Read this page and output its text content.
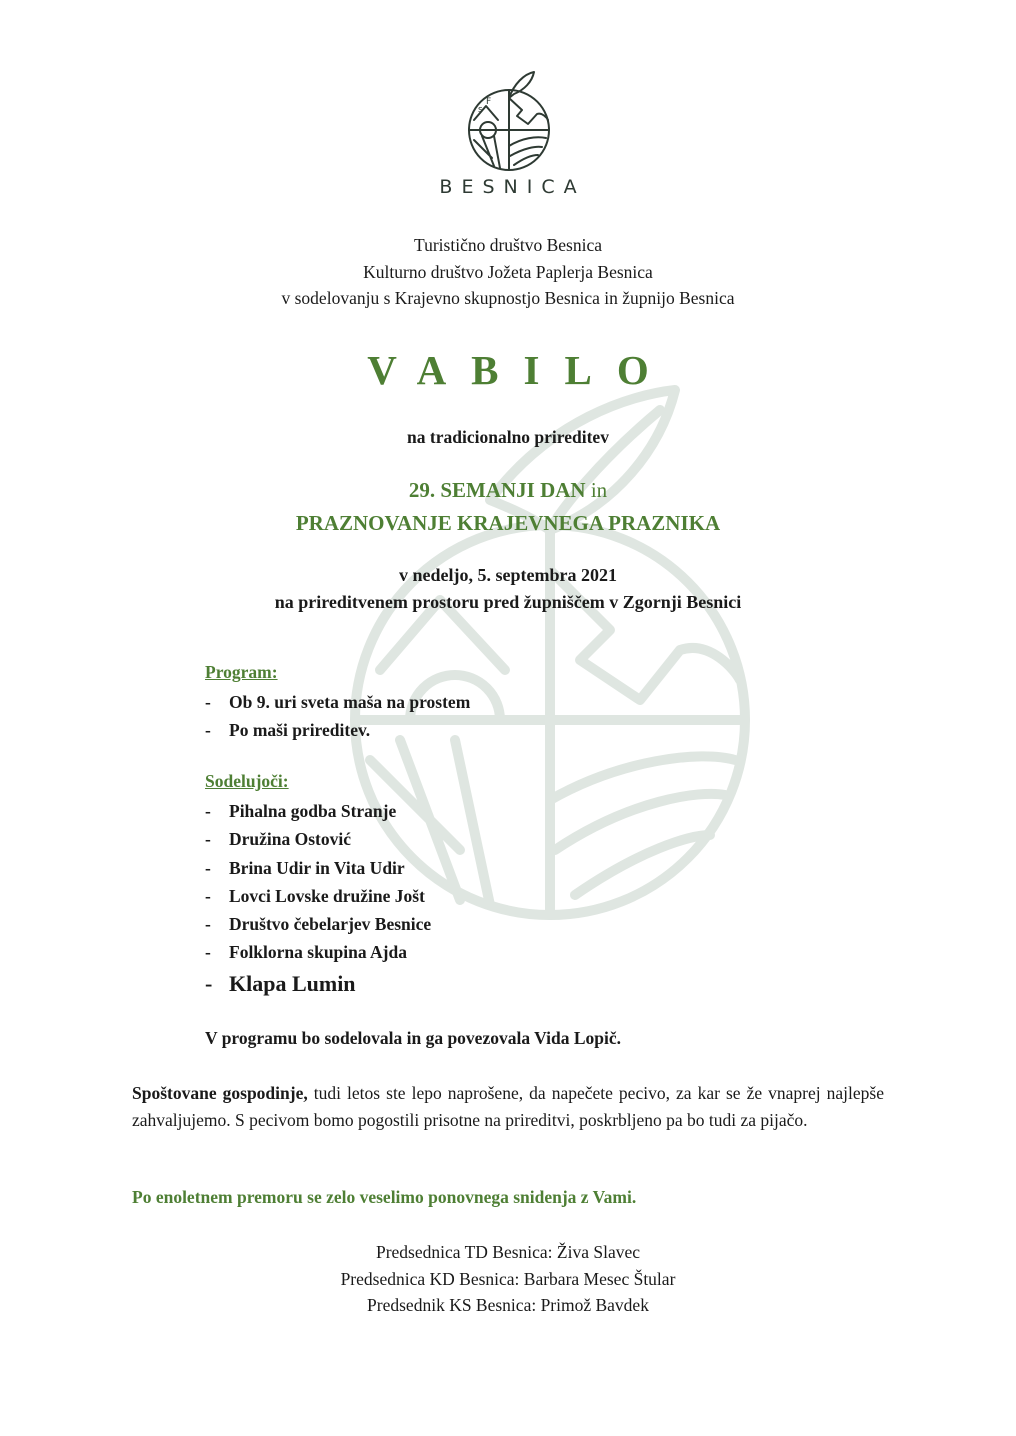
s
F
BESNICA
Turistično društvo Besnica
Kulturno društvo Jožeta Paplerja Besnica
v sodelovanju s Krajevno skupnostjo Besnica in župnijo Besnica
VABILO
na tradicionalno prireditev
29. SEMANJI DAN in
PRAZNOVANJE KRAJEVNEGA PRAZNIKA
v nedeljo, 5. septembra 2021
na prireditvenem prostoru pred župniščem v Zgornji Besnici
Program:
- Ob 9. uri sveta maša na prostem
- Po maši prireditev.
Sodelujoči:
- Pihalna godba Stranje
- Družina Ostović
- Brina Udir in Vita Udir
- Lovci Lovske družine Jošt
- Društvo čebelarjev Besnice
- Folklorna skupina Ajda
- Klapa Lumin
V programu bo sodelovala in ga povezovala Vida Lopič.
Spoštovane gospodinje, tudi letos ste lepo naprošene, da napečete pecivo, za kar se že vnaprej najlepše zahvaljujemo. S pecivom bomo pogostili prisotne na prireditvi, poskrbljeno pa bo tudi za pijačo.
Po enoletnem premoru se zelo veselimo ponovnega snidenja z Vami.
Predsednica TD Besnica: Živa Slavec
Predsednica KD Besnica: Barbara Mesec Štular
Predsednik KS Besnica: Primož Bavdek
